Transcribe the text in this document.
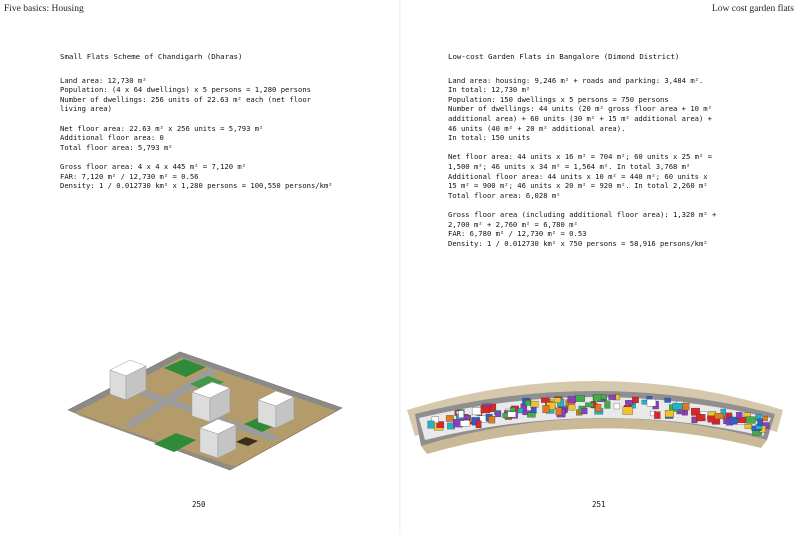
Five basics: Housing	Low cost garden flats
Small Flats Scheme of Chandigarh (Dharas)
Land area: 12,730 m²
Population: (4 x 64 dwellings) x 5 persons = 1,280 persons
Number of dwellings: 256 units of 22.63 m² each (net floor
living area)
Net floor area: 22.63 m² x 256 units = 5,793 m²
Additional floor area: 0
Total floor area: 5,793 m²
Gross floor area: 4 x 4 x 445 m² = 7,120 m²
FAR: 7,120 m² / 12,730 m² = 0.56
Density: 1 / 0.012730 km² x 1,280 persons = 100,550 persons/km²
Low-cost Garden Flats in Bangalore (Dimond District)
Land area: housing: 9,246 m² + roads and parking: 3,484 m².
In total: 12,730 m²
Population: 150 dwellings x 5 persons = 750 persons
Number of dwellings: 44 units (20 m² gross floor area + 10 m²
additional area) + 60 units (30 m² + 15 m² additional area) +
46 units (40 m² + 20 m² additional area).
In total: 150 units
Net floor area: 44 units x 16 m² = 704 m²; 60 units x 25 m² =
1,500 m²; 46 units x 34 m² = 1,564 m². In total 3,768 m²
Additional floor area: 44 units x 10 m² = 440 m²; 60 units x
15 m² = 900 m²; 46 units x 20 m² = 920 m². In total 2,260 m²
Total floor area: 6,028 m²
Gross floor area (including additional floor area): 1,320 m² +
2,700 m² + 2,760 m² = 6,780 m²
FAR: 6,780 m² / 12,730 m² = 0.53
Density: 1 / 0.012730 km² x 750 persons = 58,916 persons/km²
250	251
